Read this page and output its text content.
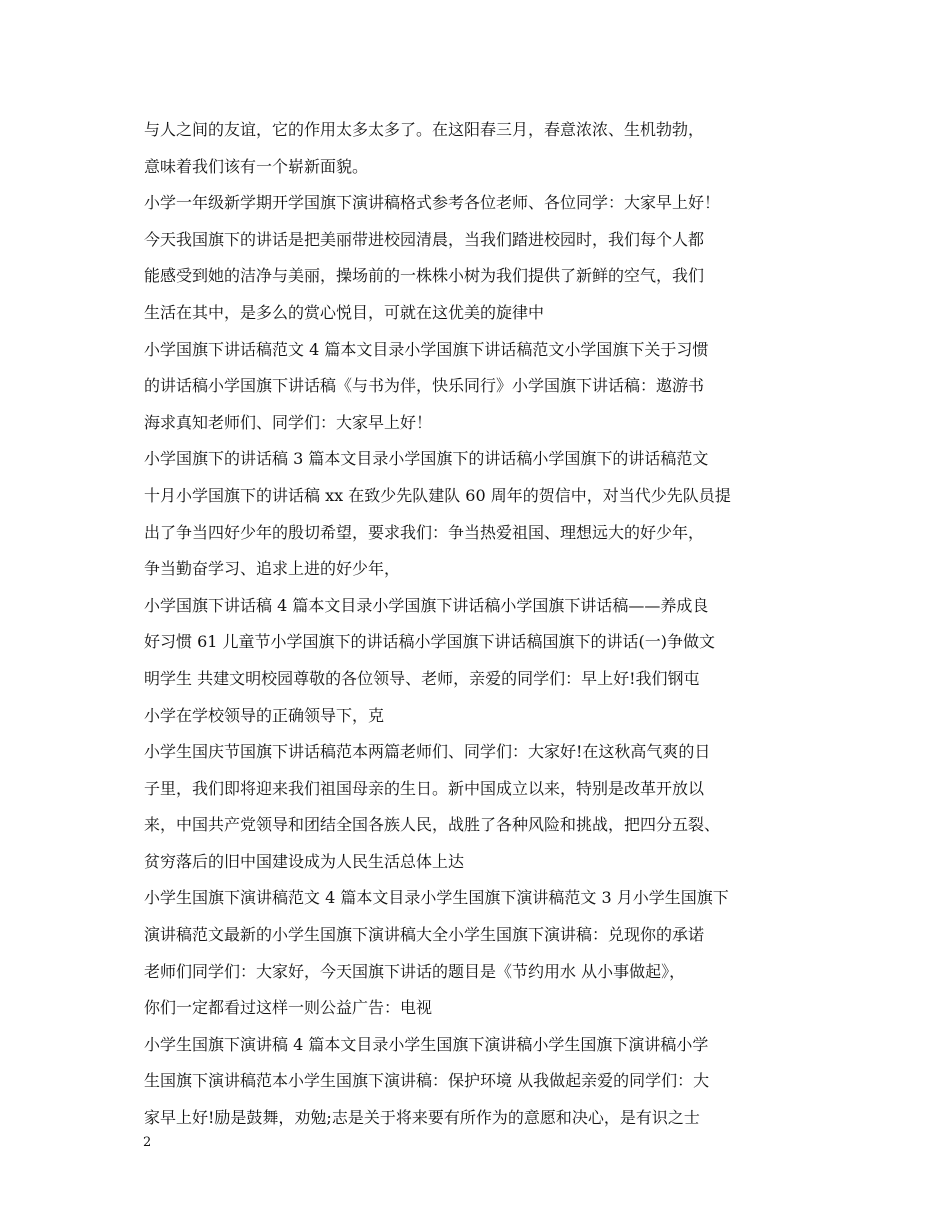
与人之间的友谊，它的作用太多太多了。在这阳春三月，春意浓浓、生机勃勃，
意味着我们该有一个崭新面貌。
小学一年级新学期开学国旗下演讲稿格式参考各位老师、各位同学：大家早上好！
今天我国旗下的讲话是把美丽带进校园清晨，当我们踏进校园时，我们每个人都
能感受到她的洁净与美丽，操场前的一株株小树为我们提供了新鲜的空气，我们
生活在其中，是多么的赏心悦目，可就在这优美的旋律中
小学国旗下讲话稿范文 4 篇本文目录小学国旗下讲话稿范文小学国旗下关于习惯
的讲话稿小学国旗下讲话稿《与书为伴，快乐同行》小学国旗下讲话稿：遨游书
海求真知老师们、同学们：大家早上好！
小学国旗下的讲话稿 3 篇本文目录小学国旗下的讲话稿小学国旗下的讲话稿范文
十月小学国旗下的讲话稿 xx 在致少先队建队 60 周年的贺信中，对当代少先队员提
出了争当四好少年的殷切希望，要求我们：争当热爱祖国、理想远大的好少年，
争当勤奋学习、追求上进的好少年，
小学国旗下讲话稿 4 篇本文目录小学国旗下讲话稿小学国旗下讲话稿——养成良
好习惯 61 儿童节小学国旗下的讲话稿小学国旗下讲话稿国旗下的讲话(一)争做文
明学生 共建文明校园尊敬的各位领导、老师，亲爱的同学们：早上好!我们钢屯
小学在学校领导的正确领导下，克
小学生国庆节国旗下讲话稿范本两篇老师们、同学们：大家好!在这秋高气爽的日
子里，我们即将迎来我们祖国母亲的生日。新中国成立以来，特别是改革开放以
来，中国共产党领导和团结全国各族人民，战胜了各种风险和挑战，把四分五裂、
贫穷落后的旧中国建设成为人民生活总体上达
小学生国旗下演讲稿范文 4 篇本文目录小学生国旗下演讲稿范文 3 月小学生国旗下
演讲稿范文最新的小学生国旗下演讲稿大全小学生国旗下演讲稿：兑现你的承诺
老师们同学们：大家好，今天国旗下讲话的题目是《节约用水 从小事做起》，
你们一定都看过这样一则公益广告：电视
小学生国旗下演讲稿 4 篇本文目录小学生国旗下演讲稿小学生国旗下演讲稿小学
生国旗下演讲稿范本小学生国旗下演讲稿：保护环境 从我做起亲爱的同学们：大
家早上好!励是鼓舞，劝勉;志是关于将来要有所作为的意愿和决心，是有识之士
2
